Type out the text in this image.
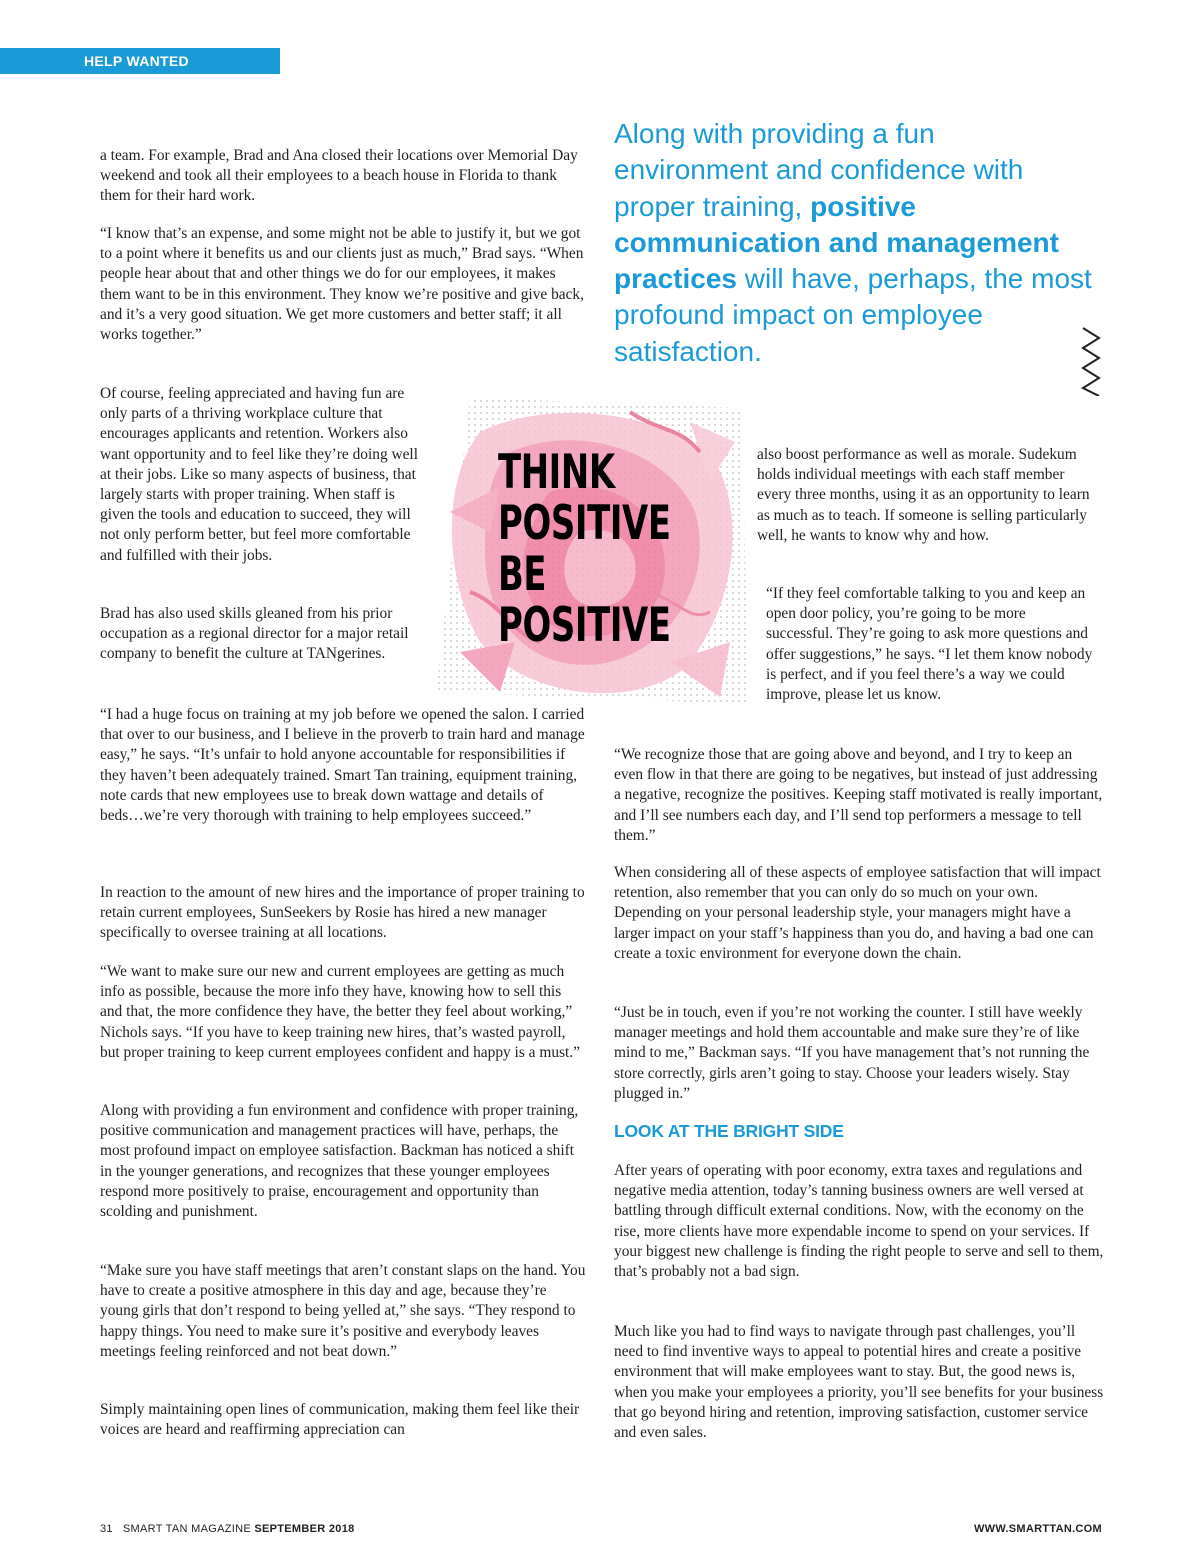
HELP WANTED

a team. For example, Brad and Ana closed their locations over Memorial Day weekend and took all their employees to a beach house in Florida to thank them for their hard work.

“I know that’s an expense, and some might not be able to justify it, but we got to a point where it benefits us and our clients just as much,” Brad says. “When people hear about that and other things we do for our employees, it makes them want to be in this environment. They know we’re positive and give back, and it’s a very good situation. We get more customers and better staff; it all works together.”

Of course, feeling appreciated and having fun are only parts of a thriving workplace culture that encourages applicants and retention. Workers also want opportunity and to feel like they’re doing well at their jobs. Like so many aspects of business, that largely starts with proper training. When staff is given the tools and education to succeed, they will not only perform better, but feel more comfortable and fulfilled with their jobs.

Brad has also used skills gleaned from his prior occupation as a regional director for a major retail company to benefit the culture at TANgerines.

“I had a huge focus on training at my job before we opened the salon. I carried that over to our business, and I believe in the proverb to train hard and manage easy,” he says. “It’s unfair to hold anyone accountable for responsibilities if they haven’t been adequately trained. Smart Tan training, equipment training, note cards that new employees use to break down wattage and details of beds…we’re very thorough with training to help employees succeed.”

In reaction to the amount of new hires and the importance of proper training to retain current employees, SunSeekers by Rosie has hired a new manager specifically to oversee training at all locations.

“We want to make sure our new and current employees are getting as much info as possible, because the more info they have, knowing how to sell this and that, the more confidence they have, the better they feel about working,” Nichols says. “If you have to keep training new hires, that’s wasted payroll, but proper training to keep current employees confident and happy is a must.”

Along with providing a fun environment and confidence with proper training, positive communication and management practices will have, perhaps, the most profound impact on employee satisfaction. Backman has noticed a shift in the younger generations, and recognizes that these younger employees respond more positively to praise, encouragement and opportunity than scolding and punishment.

“Make sure you have staff meetings that aren’t constant slaps on the hand. You have to create a positive atmosphere in this day and age, because they’re young girls that don’t respond to being yelled at,” she says. “They respond to happy things. You need to make sure it’s positive and everybody leaves meetings feeling reinforced and not beat down.”

Simply maintaining open lines of communication, making them feel like their voices are heard and reaffirming appreciation can

Along with providing a fun environment and confidence with proper training, positive communication and management practices will have, perhaps, the most profound impact on employee satisfaction.

THINK
POSITIVE
BE
POSITIVE

also boost performance as well as morale. Sudekum holds individual meetings with each staff member every three months, using it as an opportunity to learn as much as to teach. If someone is selling particularly well, he wants to know why and how.

“If they feel comfortable talking to you and keep an open door policy, you’re going to be more successful. They’re going to ask more questions and offer suggestions,” he says. “I let them know nobody is perfect, and if you feel there’s a way we could improve, please let us know.

“We recognize those that are going above and beyond, and I try to keep an even flow in that there are going to be negatives, but instead of just addressing a negative, recognize the positives. Keeping staff motivated is really important, and I’ll see numbers each day, and I’ll send top performers a message to tell them.”

When considering all of these aspects of employee satisfaction that will impact retention, also remember that you can only do so much on your own. Depending on your personal leadership style, your managers might have a larger impact on your staff’s happiness than you do, and having a bad one can create a toxic environment for everyone down the chain.

“Just be in touch, even if you’re not working the counter. I still have weekly manager meetings and hold them accountable and make sure they’re of like mind to me,” Backman says. “If you have management that’s not running the store correctly, girls aren’t going to stay. Choose your leaders wisely. Stay plugged in.”

LOOK AT THE BRIGHT SIDE

After years of operating with poor economy, extra taxes and regulations and negative media attention, today’s tanning business owners are well versed at battling through difficult external conditions. Now, with the economy on the rise, more clients have more expendable income to spend on your services. If your biggest new challenge is finding the right people to serve and sell to them, that’s probably not a bad sign.

Much like you had to find ways to navigate through past challenges, you’ll need to find inventive ways to appeal to potential hires and create a positive environment that will make employees want to stay. But, the good news is, when you make your employees a priority, you’ll see benefits for your business that go beyond hiring and retention, improving satisfaction, customer service and even sales.

31 SMART TAN MAGAZINE SEPTEMBER 2018	WWW.SMARTTAN.COM
